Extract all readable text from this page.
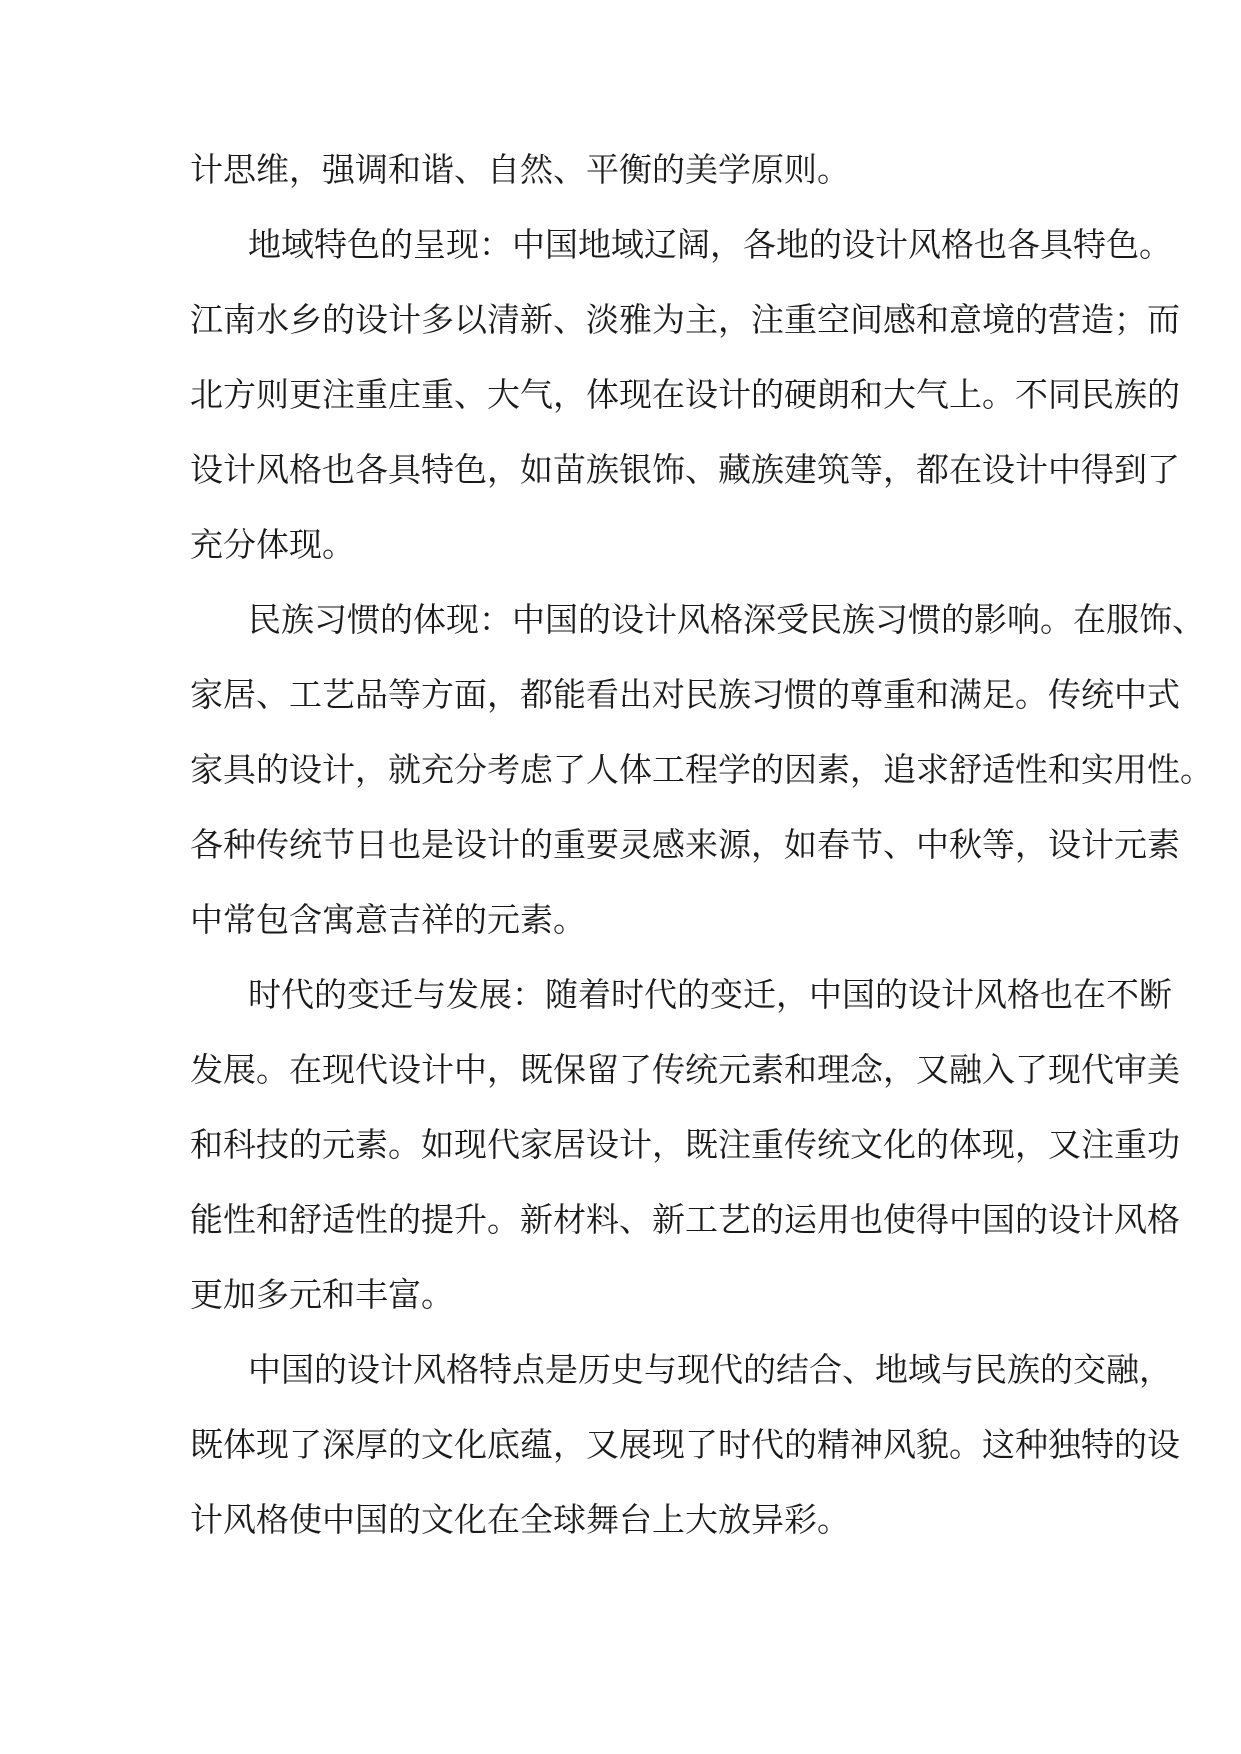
计思维，强调和谐、自然、平衡的美学原则。
地域特色的呈现：中国地域辽阔，各地的设计风格也各具特色。
江南水乡的设计多以清新、淡雅为主，注重空间感和意境的营造；而
北方则更注重庄重、大气，体现在设计的硬朗和大气上。不同民族的
设计风格也各具特色，如苗族银饰、藏族建筑等，都在设计中得到了
充分体现。
民族习惯的体现：中国的设计风格深受民族习惯的影响。在服饰、
家居、工艺品等方面，都能看出对民族习惯的尊重和满足。传统中式
家具的设计，就充分考虑了人体工程学的因素，追求舒适性和实用性。
各种传统节日也是设计的重要灵感来源，如春节、中秋等，设计元素
中常包含寓意吉祥的元素。
时代的变迁与发展：随着时代的变迁，中国的设计风格也在不断
发展。在现代设计中，既保留了传统元素和理念，又融入了现代审美
和科技的元素。如现代家居设计，既注重传统文化的体现，又注重功
能性和舒适性的提升。新材料、新工艺的运用也使得中国的设计风格
更加多元和丰富。
中国的设计风格特点是历史与现代的结合、地域与民族的交融，
既体现了深厚的文化底蕴，又展现了时代的精神风貌。这种独特的设
计风格使中国的文化在全球舞台上大放异彩。
